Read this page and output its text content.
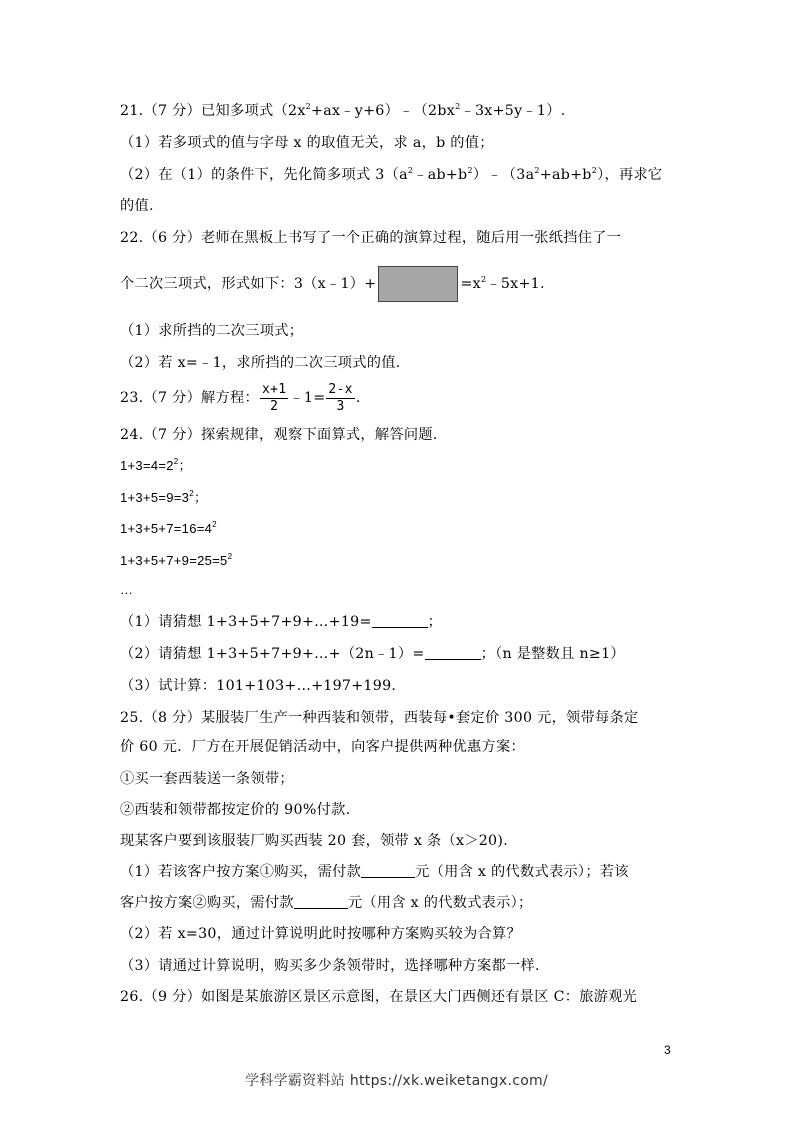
21.（7 分）已知多项式$(2x^2+ax﹣y+6)﹣(2bx^2﹣3x+5y﹣1)$.
（1）若多项式的值与字母 x 的取值无关，求 a，b 的值；
（2）在（1）的条件下，先化简多项式 $3(a^2﹣ab+b^2)﹣(3a^2+ab+b^2)$，再求它
的值.
22.（6 分）老师在黑板上书写了一个正确的演算过程，随后用一张纸挡住了一
个二次三项式，形式如下：3（x﹣1）+	$=x^2﹣5x+1$.
（1）求所挡的二次三项式；
（2）若 x=﹣1，求所挡的二次三项式的值.
23.（7 分）解方程： $\frac{x+1}{2}$ ﹣1= $\frac{2-x}{3}$ .
24.（7 分）探索规律，观察下面算式，解答问题.
$1+3=4=2^2$；
$1+3+5=9=3^2$；
$1+3+5+7=16=4^2$
$1+3+5+7+9=25=5^2$
…
（1）请猜想 1+3+5+7+9+…+19=	；
（2）请猜想 1+3+5+7+9+…+（2n﹣1）=	；（n 是整数且 n≥1）
（3）试计算：101+103+…+197+199.
25.（8 分）某服装厂生产一种西装和领带，西装每•套定价 300 元，领带每条定
价 60 元．厂方在开展促销活动中，向客户提供两种优惠方案：
①买一套西装送一条领带；
②西装和领带都按定价的 90%付款.
现某客户要到该服装厂购买西装 20 套，领带 x 条（x＞20).
（1）若该客户按方案①购买，需付款	元（用含 x 的代数式表示）；若该
客户按方案②购买，需付款	元（用含 x 的代数式表示）；
（2）若 x=30，通过计算说明此时按哪种方案购买较为合算？
（3）请通过计算说明，购买多少条领带时，选择哪种方案都一样.
26.（9 分）如图是某旅游区景区示意图，在景区大门西侧还有景区 C：旅游观光
3
学科学霸资料站 https://xk.weiketangx.com/
